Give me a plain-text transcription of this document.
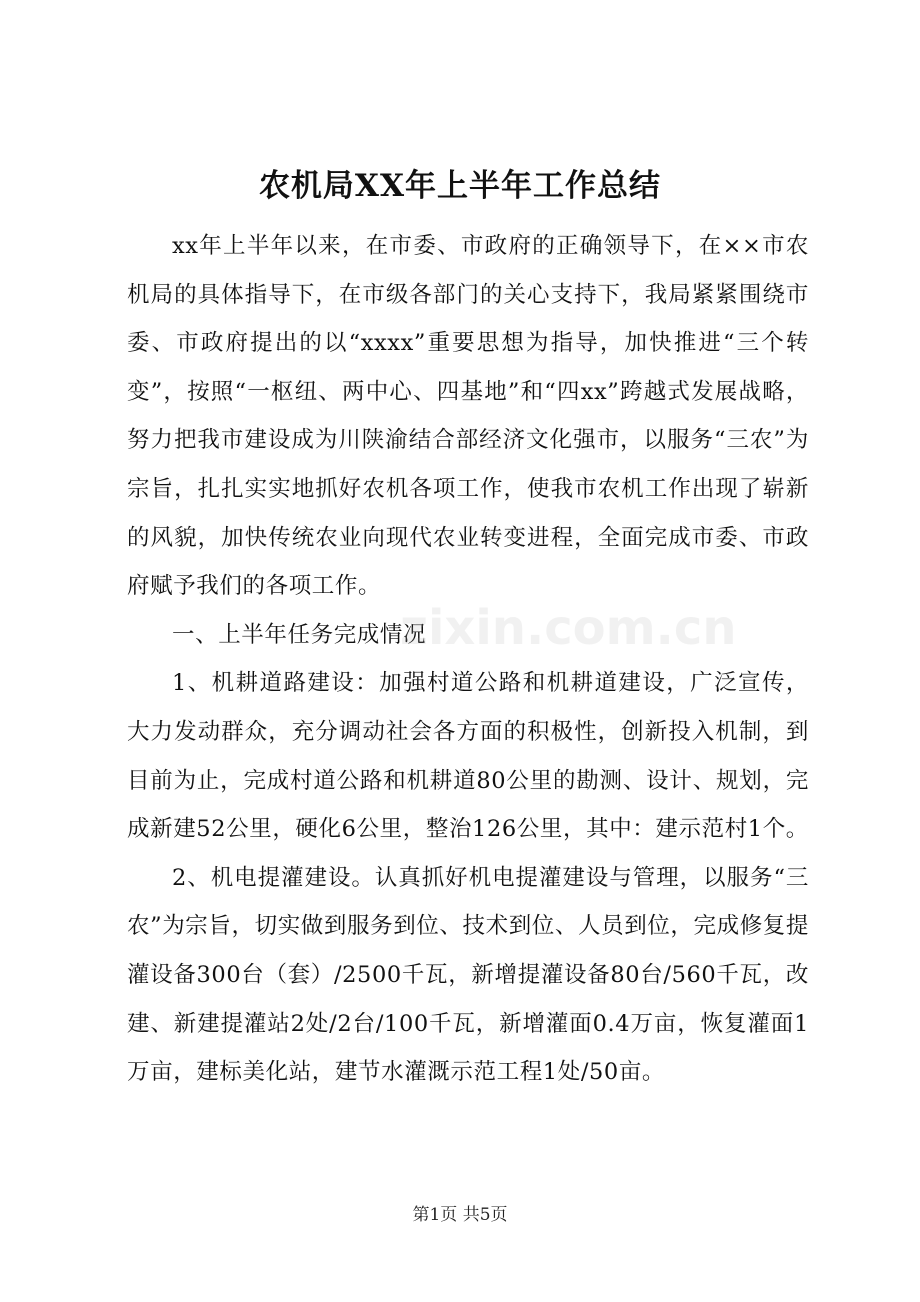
农机局XX年上半年工作总结

xx年上半年以来，在市委、市政府的正确领导下，在××市农机局的具体指导下，在市级各部门的关心支持下，我局紧紧围绕市委、市政府提出的以“xxxx”重要思想为指导，加快推进“三个转变”，按照“一枢纽、两中心、四基地”和“四xx”跨越式发展战略，努力把我市建设成为川陕渝结合部经济文化强市，以服务“三农”为宗旨，扎扎实实地抓好农机各项工作，使我市农机工作出现了崭新的风貌，加快传统农业向现代农业转变进程，全面完成市委、市政府赋予我们的各项工作。

一、上半年任务完成情况

1、机耕道路建设：加强村道公路和机耕道建设，广泛宣传，大力发动群众，充分调动社会各方面的积极性，创新投入机制，到目前为止，完成村道公路和机耕道80公里的勘测、设计、规划，完成新建52公里，硬化6公里，整治126公里，其中：建示范村1个。

2、机电提灌建设。认真抓好机电提灌建设与管理，以服务“三农”为宗旨，切实做到服务到位、技术到位、人员到位，完成修复提灌设备300台（套）/2500千瓦，新增提灌设备80台/560千瓦，改建、新建提灌站2处/2台/100千瓦，新增灌面0.4万亩，恢复灌面1万亩，建标美化站，建节水灌溉示范工程1处/50亩。

zixin.com.cn
第1页 共5页
